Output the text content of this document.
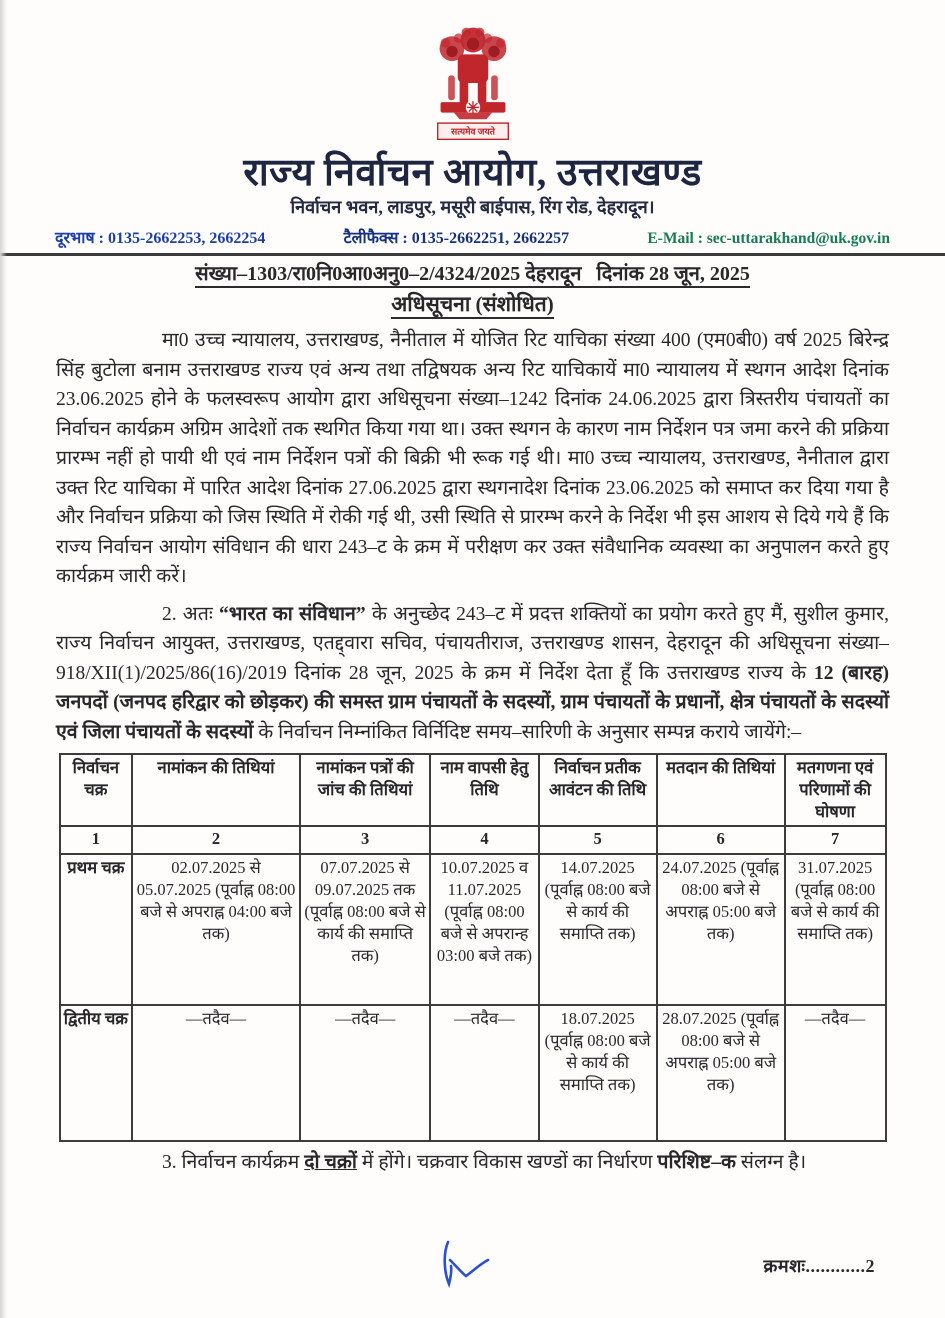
सत्यमेव जयते
राज्य निर्वाचन आयोग, उत्तराखण्ड
निर्वाचन भवन, लाडपुर, मसूरी बाईपास, रिंग रोड, देहरादून।
दूरभाष : 0135-2662253, 2662254	टैलीफैक्स : 0135-2662251, 2662257	E-Mail : sec-uttarakhand@uk.gov.in
संख्या–1303/रा0नि0आ0अनु0–2/4324/2025 देहरादून   दिनांक 28 जून, 2025
अधिसूचना (संशोधित)

मा0 उच्च न्यायालय, उत्तराखण्ड, नैनीताल में योजित रिट याचिका संख्या 400 (एम0बी0) वर्ष 2025 बिरेन्द्र सिंह बुटोला बनाम उत्तराखण्ड राज्य एवं अन्य तथा तद्विषयक अन्य रिट याचिकायें मा0 न्यायालय में स्थगन आदेश दिनांक 23.06.2025 होने के फलस्वरूप आयोग द्वारा अधिसूचना संख्या–1242 दिनांक 24.06.2025 द्वारा त्रिस्तरीय पंचायतों का निर्वाचन कार्यक्रम अग्रिम आदेशों तक स्थगित किया गया था। उक्त स्थगन के कारण नाम निर्देशन पत्र जमा करने की प्रक्रिया प्रारम्भ नहीं हो पायी थी एवं नाम निर्देशन पत्रों की बिक्री भी रूक गई थी। मा0 उच्च न्यायालय, उत्तराखण्ड, नैनीताल द्वारा उक्त रिट याचिका में पारित आदेश दिनांक 27.06.2025 द्वारा स्थगनादेश दिनांक 23.06.2025 को समाप्त कर दिया गया है और निर्वाचन प्रक्रिया को जिस स्थिति में रोकी गई थी, उसी स्थिति से प्रारम्भ करने के निर्देश भी इस आशय से दिये गये हैं कि राज्य निर्वाचन आयोग संविधान की धारा 243–ट के क्रम में परीक्षण कर उक्त संवैधानिक व्यवस्था का अनुपालन करते हुए कार्यक्रम जारी करें।

2. अतः “भारत का संविधान” के अनुच्छेद 243–ट में प्रदत्त शक्तियों का प्रयोग करते हुए मैं, सुशील कुमार, राज्य निर्वाचन आयुक्त, उत्तराखण्ड, एतद्द्वारा सचिव, पंचायतीराज, उत्तराखण्ड शासन, देहरादून की अधिसूचना संख्या–918/XII(1)/2025/86(16)/2019 दिनांक 28 जून, 2025 के क्रम में निर्देश देता हूँ कि उत्तराखण्ड राज्य के 12 (बारह) जनपदों (जनपद हरिद्वार को छोड़कर) की समस्त ग्राम पंचायतों के सदस्यों, ग्राम पंचायतों के प्रधानों, क्षेत्र पंचायतों के सदस्यों एवं जिला पंचायतों के सदस्यों के निर्वाचन निम्नांकित विर्निदिष्ट समय–सारिणी के अनुसार सम्पन्न कराये जायेंगे:–

निर्वाचन चक्र	नामांकन की तिथियां	नामांकन पत्रों की जांच की तिथियां	नाम वापसी हेतु तिथि	निर्वाचन प्रतीक आवंटन की तिथि	मतदान की तिथियां	मतगणना एवं परिणामों की घोषणा
1	2	3	4	5	6	7
प्रथम चक्र	02.07.2025 से 05.07.2025 (पूर्वाह्न 08:00 बजे से अपराह्न 04:00 बजे तक)	07.07.2025 से 09.07.2025 तक (पूर्वाह्न 08:00 बजे से कार्य की समाप्ति तक)	10.07.2025 व 11.07.2025 (पूर्वाह्न 08:00 बजे से अपरान्ह 03:00 बजे तक)	14.07.2025 (पूर्वाह्न 08:00 बजे से कार्य की समाप्ति तक)	24.07.2025 (पूर्वाह्न 08:00 बजे से अपराह्न 05:00 बजे तक)	31.07.2025 (पूर्वाह्न 08:00 बजे से कार्य की समाप्ति तक)
द्वितीय चक्र	––तदैव––	––तदैव––	––तदैव––	18.07.2025 (पूर्वाह्न 08:00 बजे से कार्य की समाप्ति तक)	28.07.2025 (पूर्वाह्न 08:00 बजे से अपराह्न 05:00 बजे तक)	––तदैव––

3. निर्वाचन कार्यक्रम दो चक्रों में होंगे। चक्रवार विकास खण्डों का निर्धारण परिशिष्ट–क संलग्न है।

क्रमशः............2
